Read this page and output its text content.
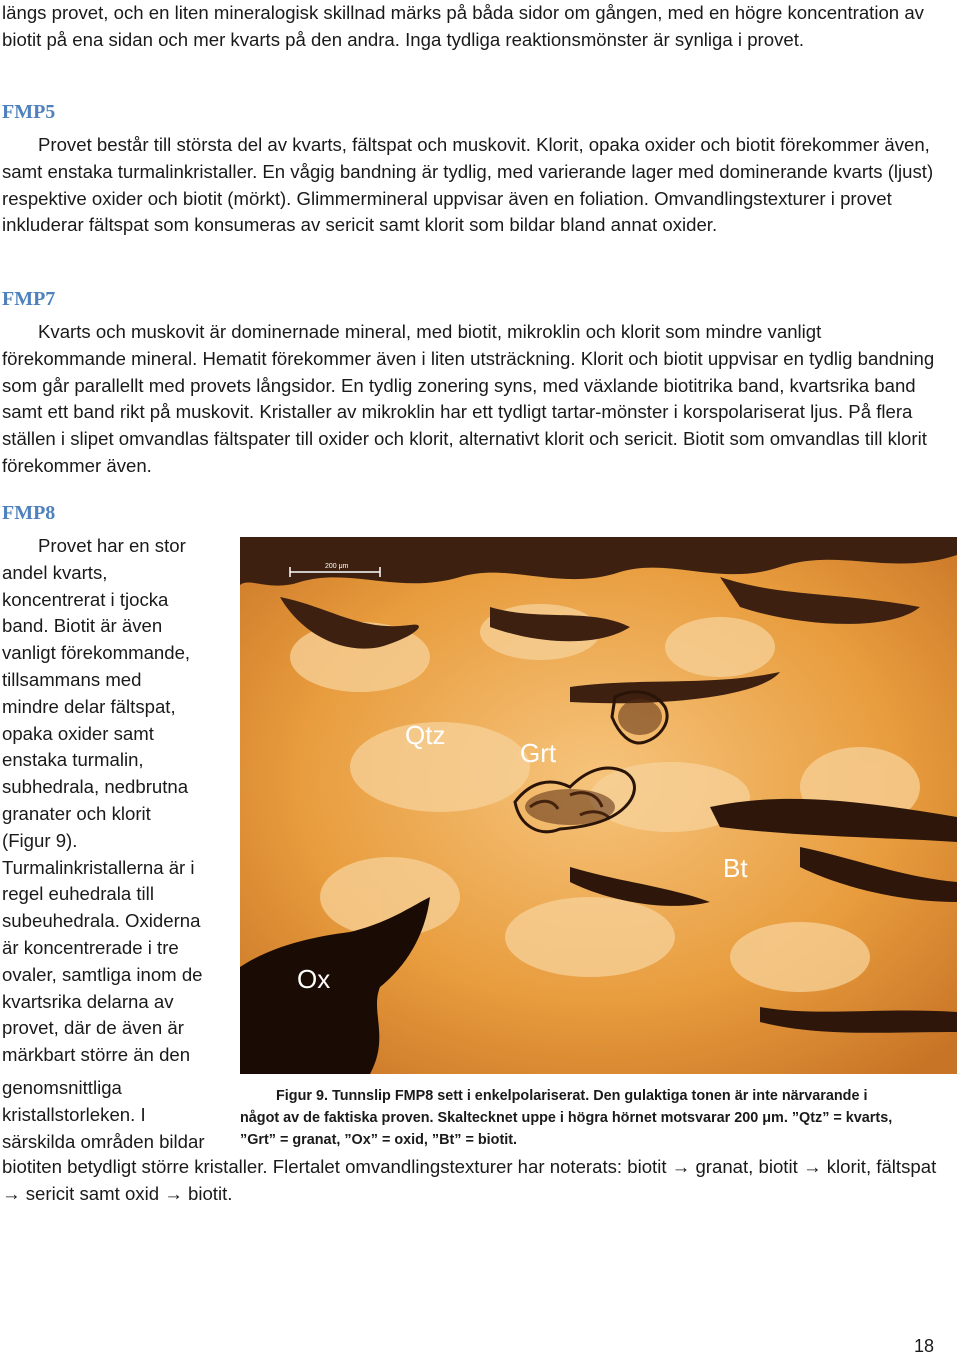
längs provet, och en liten mineralogisk skillnad märks på båda sidor om gången, med en högre koncentration av biotit på ena sidan och mer kvarts på den andra. Inga tydliga reaktionsmönster är synliga i provet.

FMP5

Provet består till största del av kvarts, fältspat och muskovit. Klorit, opaka oxider och biotit förekommer även, samt enstaka turmalinkristaller. En vågig bandning är tydlig, med varierande lager med dominerande kvarts (ljust) respektive oxider och biotit (mörkt). Glimmermineral uppvisar även en foliation. Omvandlingstexturer i provet inkluderar fältspat som konsumeras av sericit samt klorit som bildar bland annat oxider.

FMP7

Kvarts och muskovit är dominernade mineral, med biotit, mikroklin och klorit som mindre vanligt förekommande mineral. Hematit förekommer även i liten utsträckning. Klorit och biotit uppvisar en tydlig bandning som går parallellt med provets långsidor. En tydlig zonering syns, med växlande biotitrika band, kvartsrika band samt ett band rikt på muskovit. Kristaller av mikroklin har ett tydligt tartar-mönster i korspolariserat ljus. På flera ställen i slipet omvandlas fältspater till oxider och klorit, alternativt klorit och sericit. Biotit som omvandlas till klorit förekommer även.

FMP8
Provet har en stor
andel kvarts,
koncentrerat i tjocka
band. Biotit är även
vanligt förekommande,
tillsammans med
mindre delar fältspat,
opaka oxider samt
enstaka turmalin,
subhedrala, nedbrutna
granater och klorit
(Figur 9).
Turmalinkristallerna är i
regel euhedrala till
subeuhedrala. Oxiderna
är koncentrerade i tre
ovaler, samtliga inom de
kvartsrika delarna av
provet, där de även är
märkbart större än den
genomsnittliga
kristallstorleken. I
särskilda områden bildar
200 μm
Qtz
Grt
Bt
Ox

Figur 9. Tunnslip FMP8 sett i enkelpolariserat. Den gulaktiga tonen är inte närvarande i
något av de faktiska proven. Skaltecknet uppe i högra hörnet motsvarar 200 μm. ”Qtz” = kvarts,
”Grt” = granat, ”Ox” = oxid, ”Bt” = biotit.

biotiten betydligt större kristaller. Flertalet omvandlingstexturer har noterats: biotit → granat, biotit → klorit, fältspat → sericit samt oxid → biotit.

18
